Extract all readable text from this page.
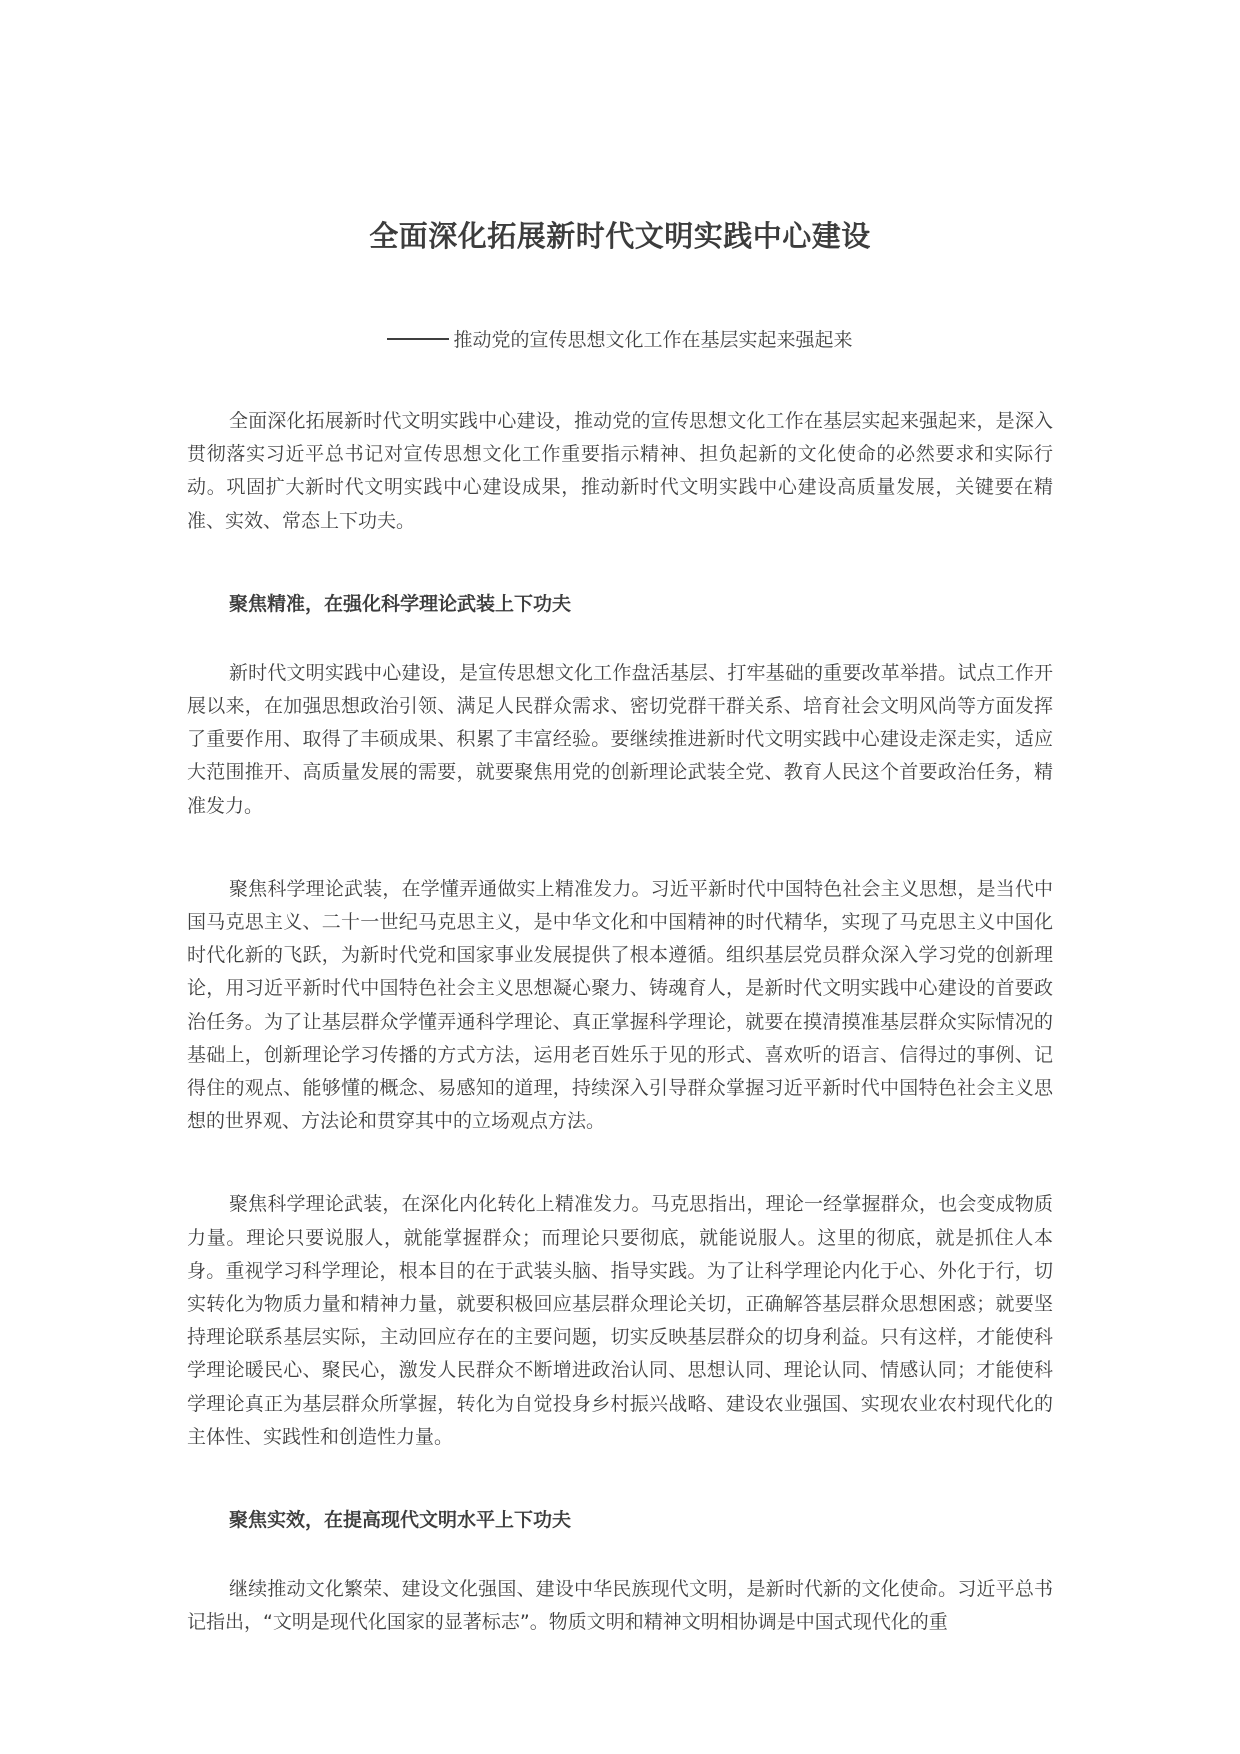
全面深化拓展新时代文明实践中心建设

推动党的宣传思想文化工作在基层实起来强起来

全面深化拓展新时代文明实践中心建设，推动党的宣传思想文化工作在基层实起来强起来，是深入贯彻落实习近平总书记对宣传思想文化工作重要指示精神、担负起新的文化使命的必然要求和实际行动。巩固扩大新时代文明实践中心建设成果，推动新时代文明实践中心建设高质量发展，关键要在精准、实效、常态上下功夫。

聚焦精准，在强化科学理论武装上下功夫

新时代文明实践中心建设，是宣传思想文化工作盘活基层、打牢基础的重要改革举措。试点工作开展以来，在加强思想政治引领、满足人民群众需求、密切党群干群关系、培育社会文明风尚等方面发挥了重要作用、取得了丰硕成果、积累了丰富经验。要继续推进新时代文明实践中心建设走深走实，适应大范围推开、高质量发展的需要，就要聚焦用党的创新理论武装全党、教育人民这个首要政治任务，精准发力。

聚焦科学理论武装，在学懂弄通做实上精准发力。习近平新时代中国特色社会主义思想，是当代中国马克思主义、二十一世纪马克思主义，是中华文化和中国精神的时代精华，实现了马克思主义中国化时代化新的飞跃，为新时代党和国家事业发展提供了根本遵循。组织基层党员群众深入学习党的创新理论，用习近平新时代中国特色社会主义思想凝心聚力、铸魂育人，是新时代文明实践中心建设的首要政治任务。为了让基层群众学懂弄通科学理论、真正掌握科学理论，就要在摸清摸准基层群众实际情况的基础上，创新理论学习传播的方式方法，运用老百姓乐于见的形式、喜欢听的语言、信得过的事例、记得住的观点、能够懂的概念、易感知的道理，持续深入引导群众掌握习近平新时代中国特色社会主义思想的世界观、方法论和贯穿其中的立场观点方法。

聚焦科学理论武装，在深化内化转化上精准发力。马克思指出，理论一经掌握群众，也会变成物质力量。理论只要说服人，就能掌握群众；而理论只要彻底，就能说服人。这里的彻底，就是抓住人本身。重视学习科学理论，根本目的在于武装头脑、指导实践。为了让科学理论内化于心、外化于行，切实转化为物质力量和精神力量，就要积极回应基层群众理论关切，正确解答基层群众思想困惑；就要坚持理论联系基层实际，主动回应存在的主要问题，切实反映基层群众的切身利益。只有这样，才能使科学理论暖民心、聚民心，激发人民群众不断增进政治认同、思想认同、理论认同、情感认同；才能使科学理论真正为基层群众所掌握，转化为自觉投身乡村振兴战略、建设农业强国、实现农业农村现代化的主体性、实践性和创造性力量。

聚焦实效，在提高现代文明水平上下功夫

继续推动文化繁荣、建设文化强国、建设中华民族现代文明，是新时代新的文化使命。习近平总书记指出，“文明是现代化国家的显著标志”。物质文明和精神文明相协调是中国式现代化的重
